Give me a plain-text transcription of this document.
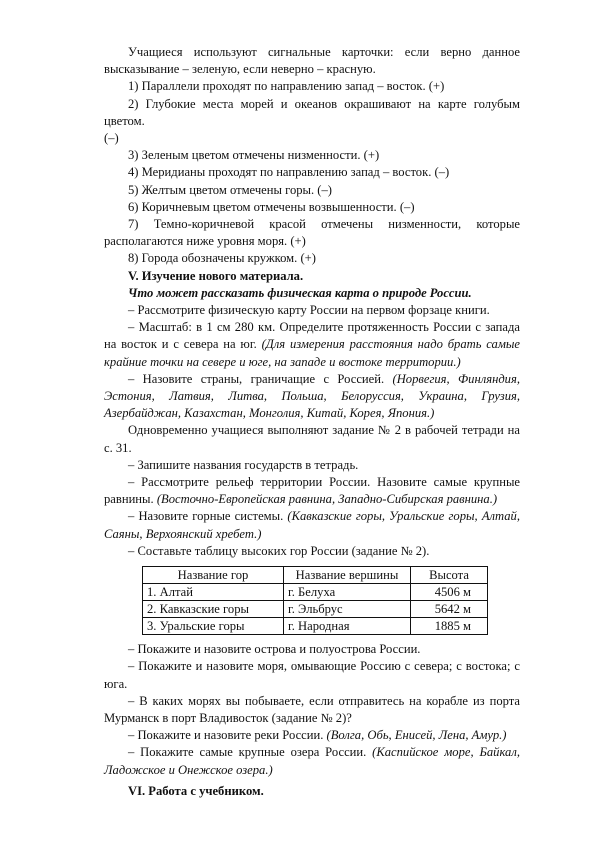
Учащиеся используют сигнальные карточки: если верно данное

высказывание – зеленую, если неверно – красную.

1) Параллели проходят по направлению запад – восток. (+)

2) Глубокие места морей и океанов окрашивают на карте голубым цветом.
(–)

3) Зеленым цветом отмечены низменности. (+)

4) Меридианы проходят по направлению запад – восток. (–)

5) Желтым цветом отмечены горы. (–)

6) Коричневым цветом отмечены возвышенности. (–)

7) Темно-коричневой красой отмечены низменности, которые

располагаются ниже уровня моря. (+)

8) Города обозначены кружком. (+)

V. Изучение нового материала.

Что может рассказать физическая карта о природе России.

– Рассмотрите физическую карту России на первом форзаце книги.

– Масштаб: в 1 см 280 км. Определите протяженность России с запада на восток и с севера на юг. (Для измерения расстояния надо брать самые крайние точки на севере и юге, на западе и востоке территории.)

– Назовите страны, граничащие с Россией. (Норвегия, Финляндия, Эстония, Латвия, Литва, Польша, Белоруссия, Украина, Грузия, Азербайджан, Казахстан, Монголия, Китай, Корея, Япония.)

Одновременно учащиеся выполняют задание № 2 в рабочей тетради на с. 31.

– Запишите названия государств в тетрадь.

– Рассмотрите рельеф территории России. Назовите самые крупные равнины. (Восточно-Европейская равнина, Западно-Сибирская равнина.)

– Назовите горные системы. (Кавказские горы, Уральские горы, Алтай, Саяны, Верхоянский хребет.)

– Составьте таблицу высоких гор России (задание № 2).

Название гор	Название вершины	Высота
1. Алтай	г. Белуха	4506 м
2. Кавказские горы	г. Эльбрус	5642 м
3. Уральские горы	г. Народная	1885 м

– Покажите и назовите острова и полуострова России.

– Покажите и назовите моря, омывающие Россию с севера; с востока; с юга.

– В каких морях вы побываете, если отправитесь на корабле из порта Мурманск в порт Владивосток (задание № 2)?

– Покажите и назовите реки России. (Волга, Обь, Енисей, Лена, Амур.)

– Покажите самые крупные озера России. (Каспийское море, Байкал, Ладожское и Онежское озера.)

VI. Работа с учебником.
